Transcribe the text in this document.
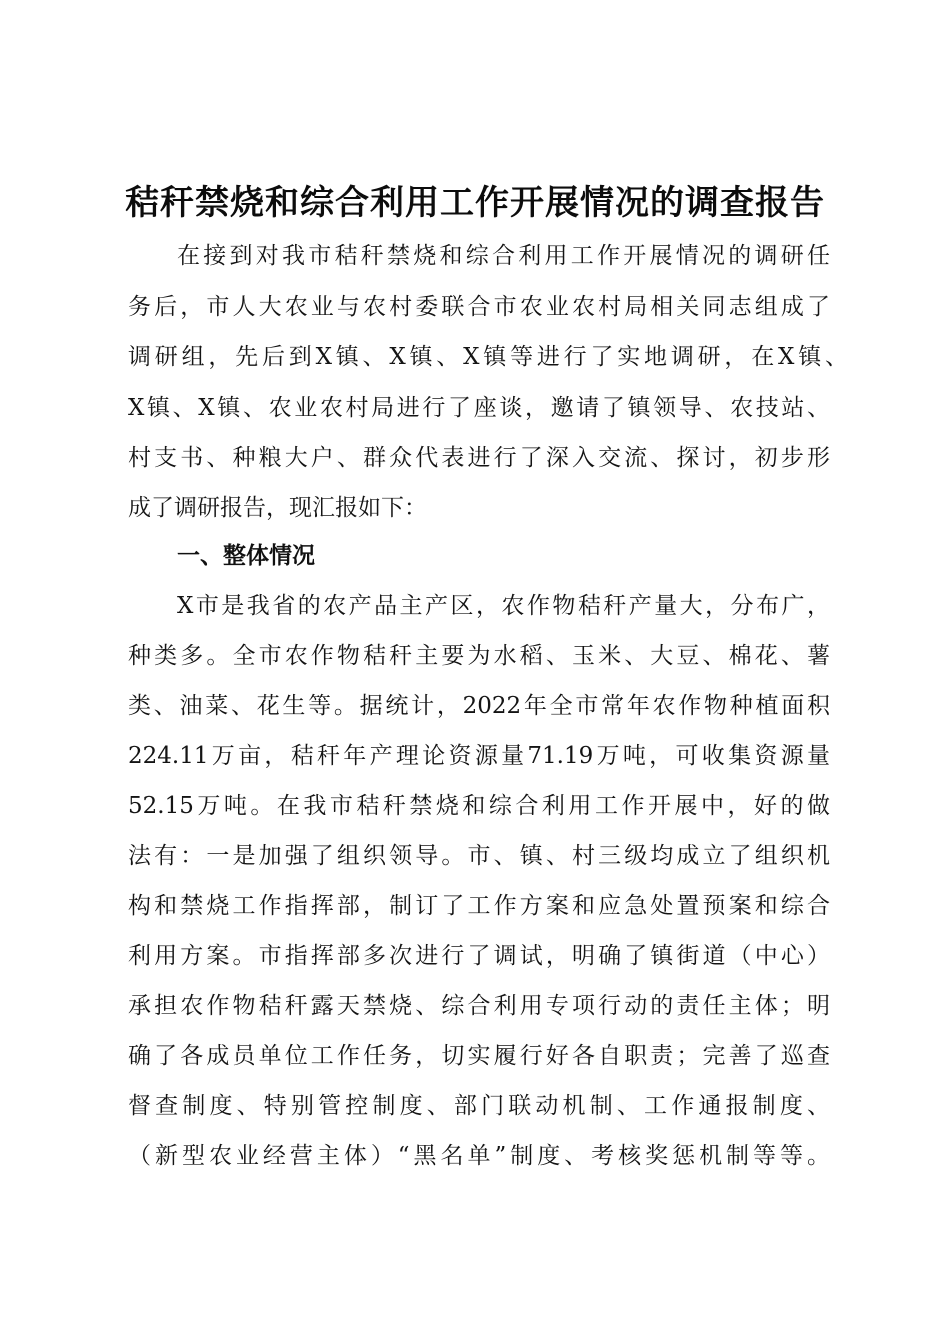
秸秆禁烧和综合利用工作开展情况的调查报告
在接到对我市秸秆禁烧和综合利用工作开展情况的调研任
务后，市人大农业与农村委联合市农业农村局相关同志组成了
调研组，先后到X镇、X镇、X镇等进行了实地调研，在X镇、
X镇、X镇、农业农村局进行了座谈，邀请了镇领导、农技站、
村支书、种粮大户、群众代表进行了深入交流、探讨，初步形
成了调研报告，现汇报如下：
一、整体情况
X市是我省的农产品主产区，农作物秸秆产量大，分布广，
种类多。全市农作物秸秆主要为水稻、玉米、大豆、棉花、薯
类、油菜、花生等。据统计，2022年全市常年农作物种植面积
224.11万亩，秸秆年产理论资源量71.19万吨，可收集资源量
52.15万吨。在我市秸秆禁烧和综合利用工作开展中，好的做
法有：一是加强了组织领导。市、镇、村三级均成立了组织机
构和禁烧工作指挥部，制订了工作方案和应急处置预案和综合
利用方案。市指挥部多次进行了调试，明确了镇街道（中心）
承担农作物秸秆露天禁烧、综合利用专项行动的责任主体；明
确了各成员单位工作任务，切实履行好各自职责；完善了巡查
督查制度、特别管控制度、部门联动机制、工作通报制度、
（新型农业经营主体）“黑名单”制度、考核奖惩机制等等。
